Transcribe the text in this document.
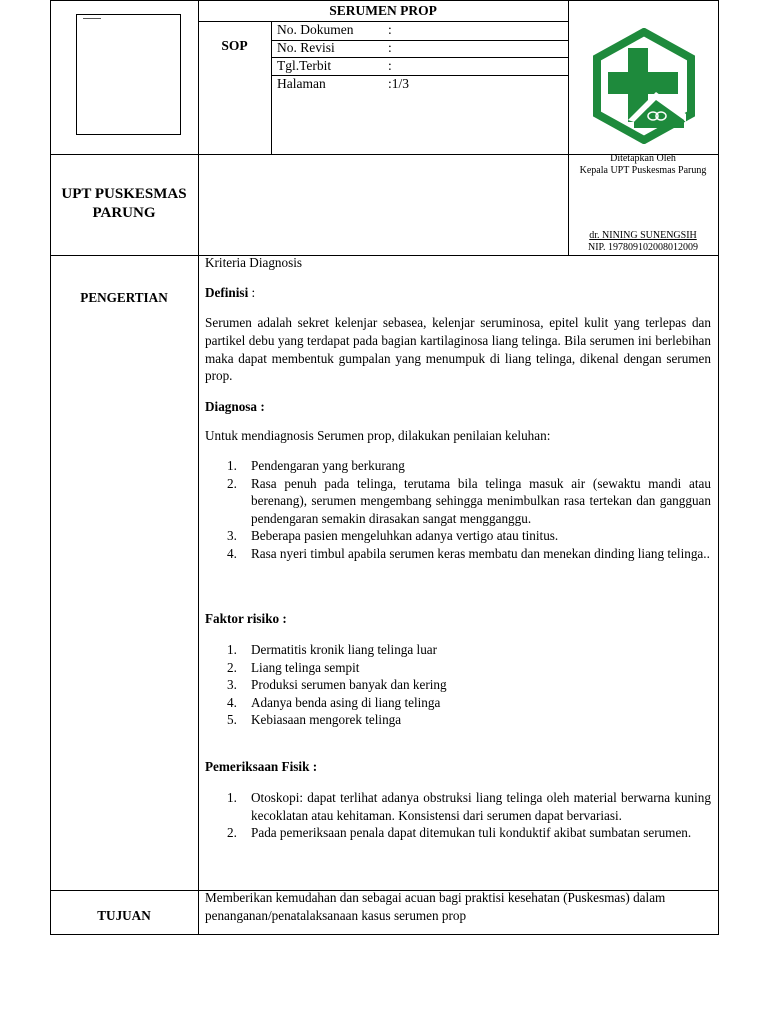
SERUMEN PROP
SOP
No. Dokumen	:
No. Revisi	:
Tgl.Terbit	:
Halaman	:1/3
UPT PUSKESMAS
PARUNG
Ditetapkan Oleh
Kepala UPT Puskesmas Parung
dr. NINING SUNENGSIH
NIP. 197809102008012009
PENGERTIAN
Kriteria Diagnosis
Definisi :
Serumen adalah sekret kelenjar sebasea, kelenjar seruminosa, epitel kulit yang terlepas dan partikel debu yang terdapat pada bagian kartilaginosa liang telinga. Bila serumen ini berlebihan maka dapat membentuk gumpalan yang menumpuk di liang telinga, dikenal dengan serumen prop.
Diagnosa :
Untuk mendiagnosis Serumen prop, dilakukan penilaian keluhan:
1. Pendengaran yang berkurang
2. Rasa penuh pada telinga, terutama bila telinga masuk air (sewaktu mandi atau berenang), serumen mengembang sehingga menimbulkan rasa tertekan dan gangguan pendengaran semakin dirasakan sangat mengganggu.
3. Beberapa pasien mengeluhkan adanya vertigo atau tinitus.
4. Rasa nyeri timbul apabila serumen keras membatu dan menekan dinding liang telinga..
Faktor risiko :
1. Dermatitis kronik liang telinga luar
2. Liang telinga sempit
3. Produksi serumen banyak dan kering
4. Adanya benda asing di liang telinga
5. Kebiasaan mengorek telinga
Pemeriksaan Fisik :
1. Otoskopi: dapat terlihat adanya obstruksi liang telinga oleh material berwarna kuning kecoklatan atau kehitaman. Konsistensi dari serumen dapat bervariasi.
2. Pada pemeriksaan penala dapat ditemukan tuli konduktif akibat sumbatan serumen.
TUJUAN
Memberikan kemudahan dan sebagai acuan bagi praktisi kesehatan (Puskesmas) dalam
penanganan/penatalaksanaan kasus serumen prop
